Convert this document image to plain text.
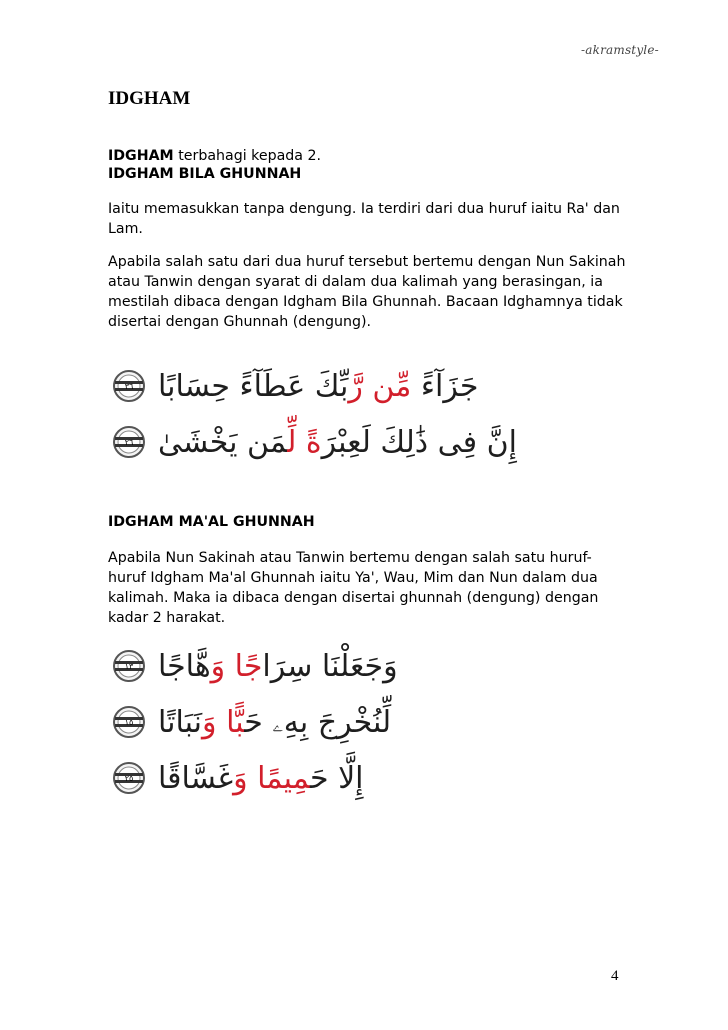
-akramstyle-
IDGHAM
IDGHAM terbahagi kepada 2.
IDGHAM BILA GHUNNAH
Iaitu memasukkan tanpa dengung. Ia terdiri dari dua huruf iaitu Ra' dan Lam.
Apabila salah satu dari dua huruf tersebut bertemu dengan Nun Sakinah atau Tanwin dengan syarat di dalam dua kalimah yang berasingan, ia mestilah dibaca dengan Idgham Bila Ghunnah. Bacaan Idghamnya tidak disertai dengan Ghunnah (dengung).
٣٦	جَزَآءً مِّن رَّبِّكَ عَطَآءً حِسَابًا
٢٦	إِنَّ فِى ذَٰلِكَ لَعِبْرَةً لِّمَن يَخْشَىٰ
IDGHAM MA'AL GHUNNAH
Apabila Nun Sakinah atau Tanwin bertemu dengan salah satu huruf-huruf Idgham Ma'al Ghunnah iaitu Ya', Wau, Mim dan Nun dalam dua kalimah. Maka ia dibaca dengan disertai ghunnah (dengung) dengan kadar 2 harakat.
١٣	وَجَعَلْنَا سِرَاجًا وَهَّاجًا
١٥	لِّنُخْرِجَ بِهِۦ حَبًّا وَنَبَاتًا
٢٥	إِلَّا حَمِيمًا وَغَسَّاقًا
4
